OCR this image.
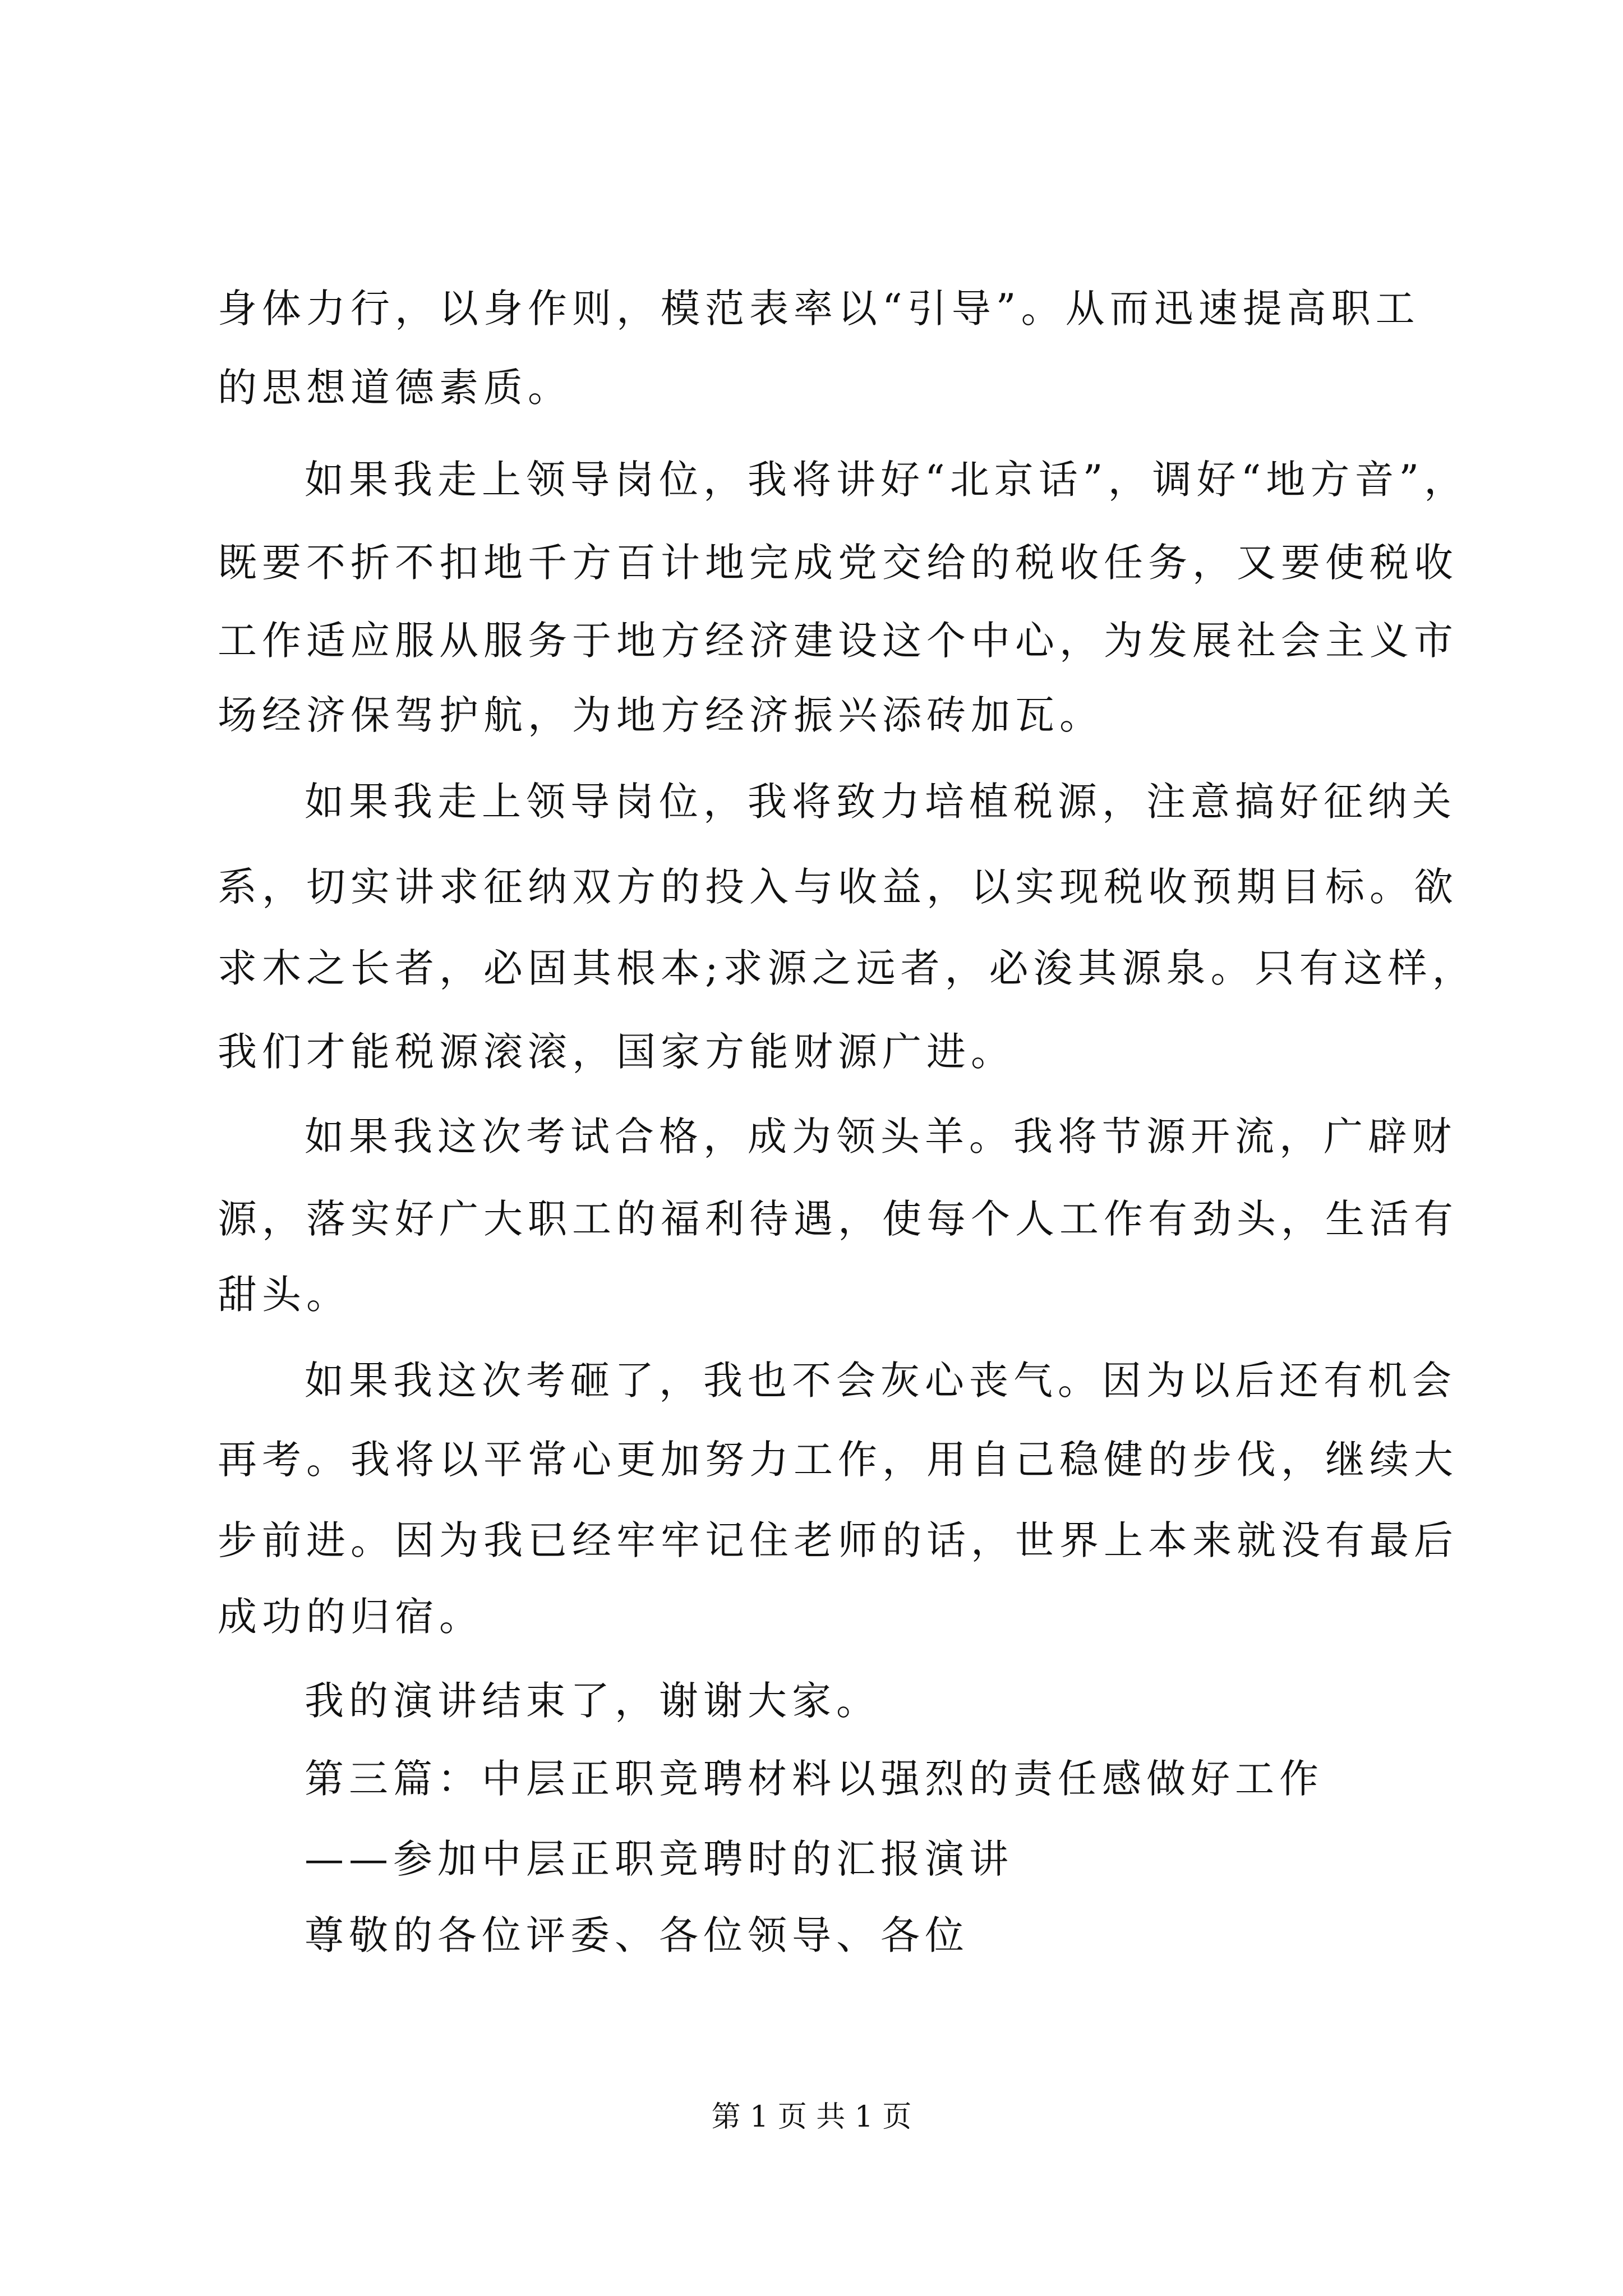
身体力行，以身作则，模范表率以“引导”。从而迅速提高职工
的思想道德素质。
如果我走上领导岗位，我将讲好“北京话”，调好“地方音”，
既要不折不扣地千方百计地完成党交给的税收任务，又要使税收
工作适应服从服务于地方经济建设这个中心，为发展社会主义市
场经济保驾护航，为地方经济振兴添砖加瓦。
如果我走上领导岗位，我将致力培植税源，注意搞好征纳关
系，切实讲求征纳双方的投入与收益，以实现税收预期目标。欲
求木之长者，必固其根本;求源之远者，必浚其源泉。只有这样，
我们才能税源滚滚，国家方能财源广进。
如果我这次考试合格，成为领头羊。我将节源开流，广辟财
源，落实好广大职工的福利待遇，使每个人工作有劲头，生活有
甜头。
如果我这次考砸了，我也不会灰心丧气。因为以后还有机会
再考。我将以平常心更加努力工作，用自己稳健的步伐，继续大
步前进。因为我已经牢牢记住老师的话，世界上本来就没有最后
成功的归宿。
我的演讲结束了，谢谢大家。
第 1 页 共 1 页
第三篇：中层正职竞聘材料以强烈的责任感做好工作
——参加中层正职竞聘时的汇报演讲
尊敬的各位评委、各位领导、各位
